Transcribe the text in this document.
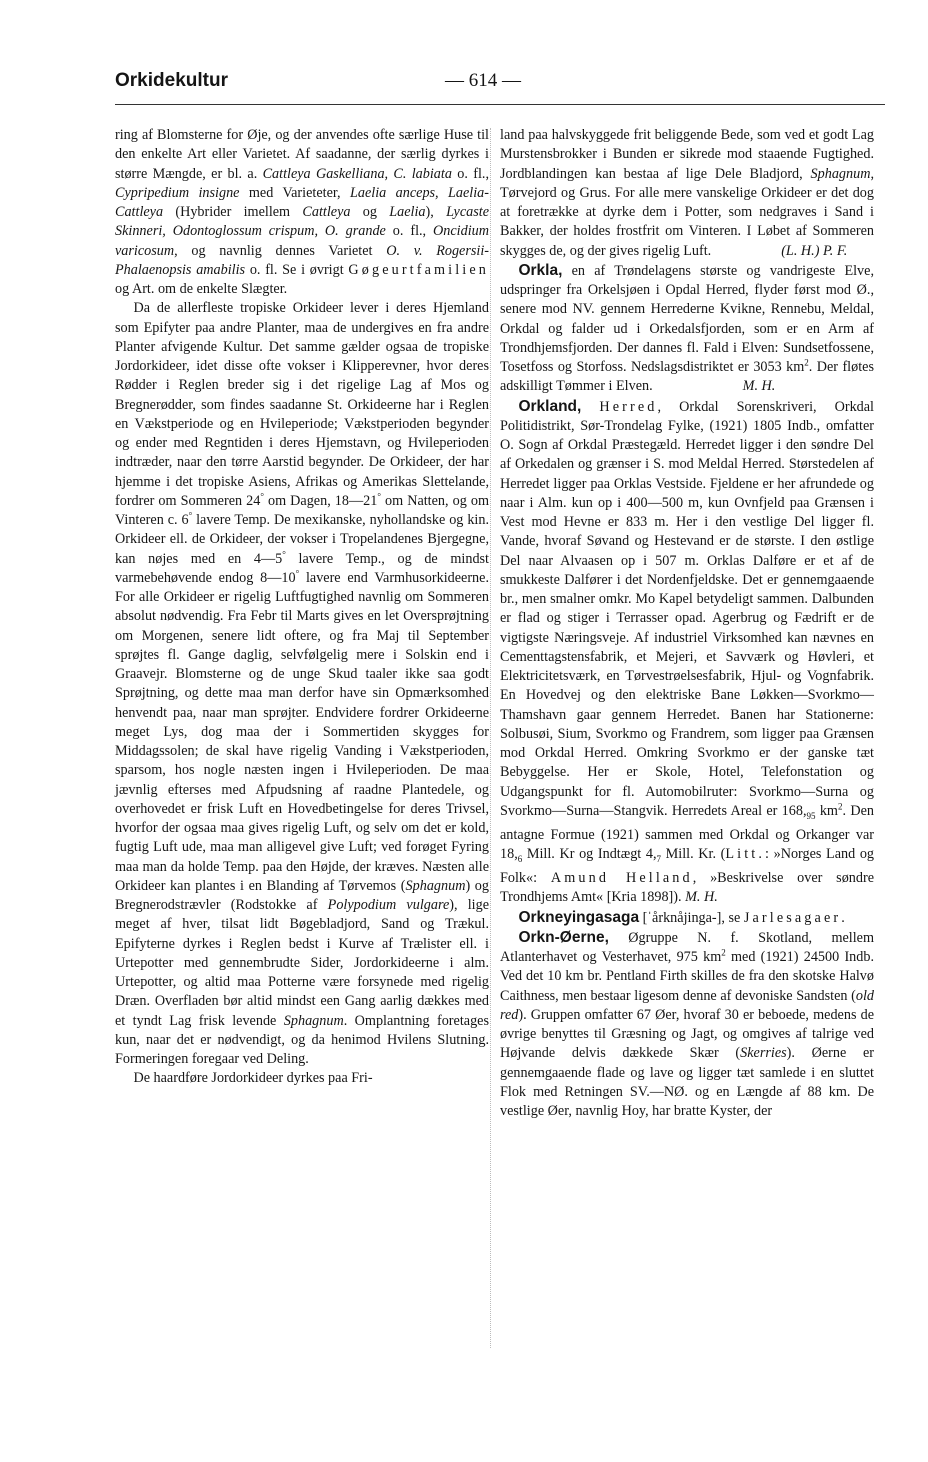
Orkidekultur	— 614 —

ring af Blomsterne for Øje, og der anvendes ofte særlige Huse til den enkelte Art eller Varietet. Af saadanne, der særlig dyrkes i større Mængde, er bl. a. Cattleya Gaskelliana, C. labiata o. fl., Cypripedium insigne med Varieteter, Laelia anceps, Laelia-Cattleya (Hybrider imellem Cattleya og Laelia), Lycaste Skinneri, Odontoglossum crispum, O. grande o. fl., Oncidium varicosum, og navnlig dennes Varietet O. v. Rogersii-Phalaenopsis amabilis o. fl. Se i øvrigt Gøgeurtfamilien og Art. om de enkelte Slægter.

Da de allerfleste tropiske Orkideer lever i deres Hjemland som Epifyter paa andre Planter, maa de undergives en fra andre Planter afvigende Kultur. Det samme gælder ogsaa de tropiske Jordorkideer, idet disse ofte vokser i Klipperevner, hvor deres Rødder i Reglen breder sig i det rigelige Lag af Mos og Bregnerødder, som findes saadanne St. Orkideerne har i Reglen en Vækstperiode og en Hvileperiode; Vækstperioden begynder og ender med Regntiden i deres Hjemstavn, og Hvileperioden indtræder, naar den tørre Aarstid begynder. De Orkideer, der har hjemme i det tropiske Asiens, Afrikas og Amerikas Slettelande, fordrer om Sommeren 24° om Dagen, 18—21° om Natten, og om Vinteren c. 6° lavere Temp. De mexikanske, nyhollandske og kin. Orkideer ell. de Orkideer, der vokser i Tropelandenes Bjergegne, kan nøjes med en 4—5° lavere Temp., og de mindst varmebehøvende endog 8—10° lavere end Varmhusorkideerne. For alle Orkideer er rigelig Luftfugtighed navnlig om Sommeren absolut nødvendig. Fra Febr til Marts gives en let Oversprøjtning om Morgenen, senere lidt oftere, og fra Maj til September sprøjtes fl. Gange daglig, selvfølgelig mere i Solskin end i Graavejr. Blomsterne og de unge Skud taaler ikke saa godt Sprøjtning, og dette maa man derfor have sin Opmærksomhed henvendt paa, naar man sprøjter. Endvidere fordrer Orkideerne meget Lys, dog maa der i Sommertiden skygges for Middagssolen; de skal have rigelig Vanding i Vækstperioden, sparsom, hos nogle næsten ingen i Hvileperioden. De maa jævnlig efterses med Afpudsning af raadne Plantedele, og overhovedet er frisk Luft en Hovedbetingelse for deres Trivsel, hvorfor der ogsaa maa gives rigelig Luft, og selv om det er kold, fugtig Luft ude, maa man alligevel give Luft; ved forøget Fyring maa man da holde Temp. paa den Højde, der kræves. Næsten alle Orkideer kan plantes i en Blanding af Tørvemos (Sphagnum) og Bregnerodstrævler (Rodstokke af Polypodium vulgare), lige meget af hver, tilsat lidt Bøgebladjord, Sand og Trækul. Epifyterne dyrkes i Reglen bedst i Kurve af Trælister ell. i Urtepotter med gennembrudte Sider, Jordorkideerne i alm. Urtepotter, og altid maa Potterne være forsynede med rigelig Dræn. Overfladen bør altid mindst een Gang aarlig dækkes med et tyndt Lag frisk levende Sphagnum. Omplantning foretages kun, naar det er nødvendigt, og da henimod Hvilens Slutning. Formeringen foregaar ved Deling.

De haardføre Jordorkideer dyrkes paa Fri-

land paa halvskyggede frit beliggende Bede, som ved et godt Lag Murstensbrokker i Bunden er sikrede mod staaende Fugtighed. Jordblandingen kan bestaa af lige Dele Bladjord, Sphagnum, Tørvejord og Grus. For alle mere vanskelige Orkideer er det dog at foretrække at dyrke dem i Potter, som nedgraves i Sand i Bakker, der holdes frostfrit om Vinteren. I Løbet af Sommeren skygges de, og der gives rigelig Luft.	(L. H.) P. F.

Orkla, en af Trøndelagens største og vandrigeste Elve, udspringer fra Orkelsjøen i Opdal Herred, flyder først mod Ø., senere mod NV. gennem Herrederne Kvikne, Rennebu, Meldal, Orkdal og falder ud i Orkedalsfjorden, som er en Arm af Trondhjemsfjorden. Der dannes fl. Fald i Elven: Sundsetfossene, Tosetfoss og Storfoss. Nedslagsdistriktet er 3053 $km^2$. Der fløtes adskilligt Tømmer i Elven.	M. H.

Orkland, Herred, Orkdal Sorenskriveri, Orkdal Politidistrikt, Sør-Trondelag Fylke, (1921) 1805 Indb., omfatter O. Sogn af Orkdal Præstegæld. Herredet ligger i den søndre Del af Orkedalen og grænser i S. mod Meldal Herred. Størstedelen af Herredet ligger paa Orklas Vestside. Fjeldene er her afrundede og naar i Alm. kun op i 400—500 m, kun Ovnfjeld paa Grænsen i Vest mod Hevne er 833 m. Her i den vestlige Del ligger fl. Vande, hvoraf Søvand og Hestevand er de største. I den østlige Del naar Alvaasen op i 507 m. Orklas Dalføre er et af de smukkeste Dalfører i det Nordenfjeldske. Det er gennemgaaende br., men smalner omkr. Mo Kapel betydeligt sammen. Dalbunden er flad og stiger i Terrasser opad. Agerbrug og Fædrift er de vigtigste Næringsveje. Af industriel Virksomhed kan nævnes en Cementtagstensfabrik, et Mejeri, et Savværk og Høvleri, et Elektricitetsværk, en Tørvestrøelsesfabrik, Hjul- og Vognfabrik. En Hovedvej og den elektriske Bane Løkken—Svorkmo—Thamshavn gaar gennem Herredet. Banen har Stationerne: Solbusøi, Sium, Svorkmo og Frandrem, som ligger paa Grænsen mod Orkdal Herred. Omkring Svorkmo er der ganske tæt Bebyggelse. Her er Skole, Hotel, Telefonstation og Udgangspunkt for fl. Automobilruter: Svorkmo—Surna og Svorkmo—Surna—Stangvik. Herredets Areal er $168,_{95}$ $km^2$. Den antagne Formue (1921) sammen med Orkdal og Orkanger var $18,_6$ Mill. Kr og Indtægt $4,_7$ Mill. Kr. (Litt.: »Norges Land og Folk«: Amund Helland, »Beskrivelse over søndre Trondhjems Amt« [Kria 1898]). M. H.

Orkneyingasaga [ˈårknåjinga-], se Jarlesagaer.

Orkn-Øerne, Øgruppe N. f. Skotland, mellem Atlanterhavet og Vesterhavet, 975 $km^2$ med (1921) 24500 Indb. Ved det 10 km br. Pentland Firth skilles de fra den skotske Halvø Caithness, men bestaar ligesom denne af devoniske Sandsten (old red). Gruppen omfatter 67 Øer, hvoraf 30 er beboede, medens de øvrige benyttes til Græsning og Jagt, og omgives af talrige ved Højvande delvis dækkede Skær (Skerries). Øerne er gennemgaaende flade og lave og ligger tæt samlede i en sluttet Flok med Retningen SV.—NØ. og en Længde af 88 km. De vestlige Øer, navnlig Hoy, har bratte Kyster, der
